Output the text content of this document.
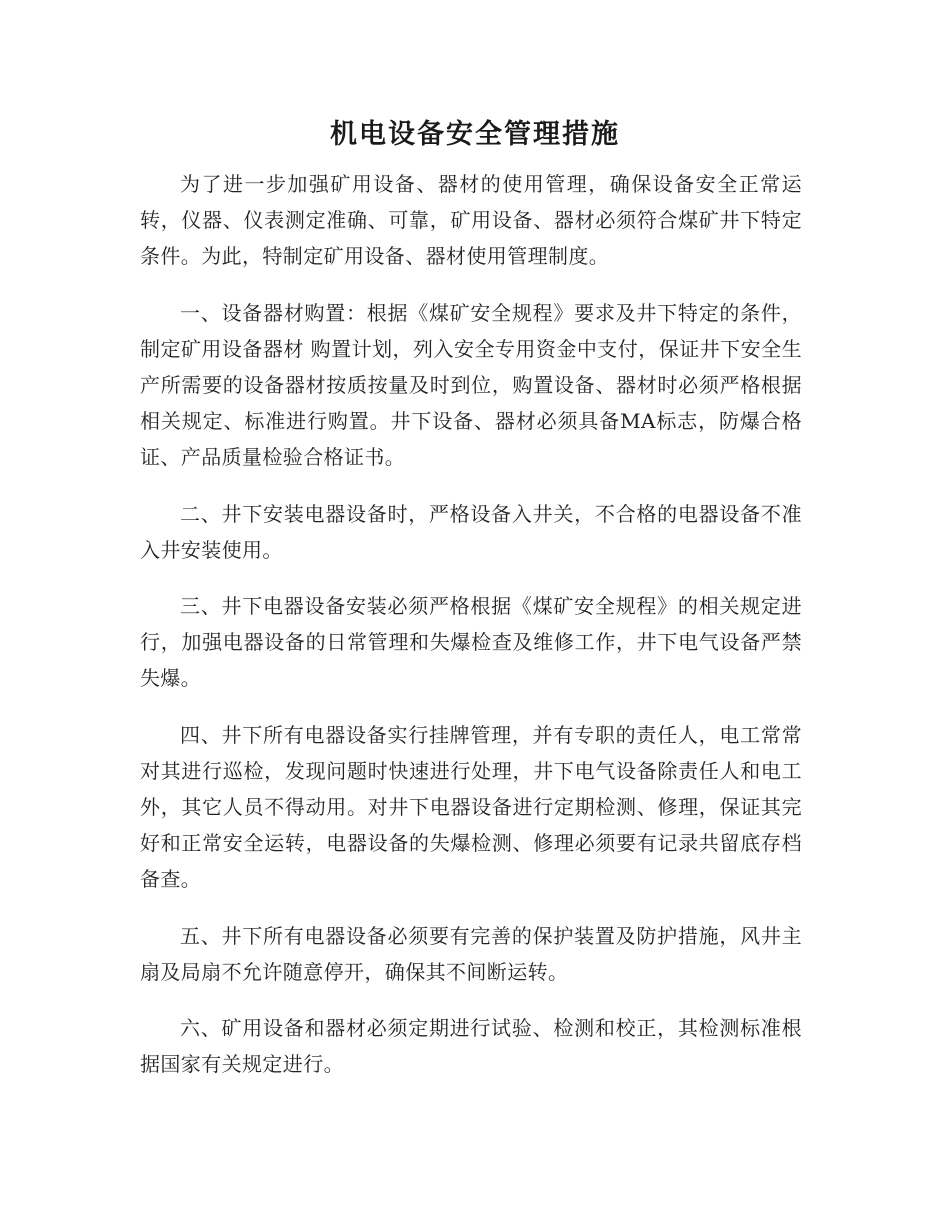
机电设备安全管理措施

为了进一步加强矿用设备、器材的使用管理，确保设备安全正常运转，仪器、仪表测定准确、可靠，矿用设备、器材必须符合煤矿井下特定条件。为此，特制定矿用设备、器材使用管理制度。

一、设备器材购置：根据《煤矿安全规程》要求及井下特定的条件，制定矿用设备器材 购置计划，列入安全专用资金中支付，保证井下安全生产所需要的设备器材按质按量及时到位，购置设备、器材时必须严格根据相关规定、标准进行购置。井下设备、器材必须具备MA标志，防爆合格证、产品质量检验合格证书。

二、井下安装电器设备时，严格设备入井关，不合格的电器设备不准入井安装使用。

三、井下电器设备安装必须严格根据《煤矿安全规程》的相关规定进行，加强电器设备的日常管理和失爆检查及维修工作，井下电气设备严禁失爆。

四、井下所有电器设备实行挂牌管理，并有专职的责任人，电工常常对其进行巡检，发现问题时快速进行处理，井下电气设备除责任人和电工外，其它人员不得动用。对井下电器设备进行定期检测、修理，保证其完好和正常安全运转，电器设备的失爆检测、修理必须要有记录共留底存档备查。

五、井下所有电器设备必须要有完善的保护装置及防护措施，风井主扇及局扇不允许随意停开，确保其不间断运转。

六、矿用设备和器材必须定期进行试验、检测和校正，其检测标准根据国家有关规定进行。
